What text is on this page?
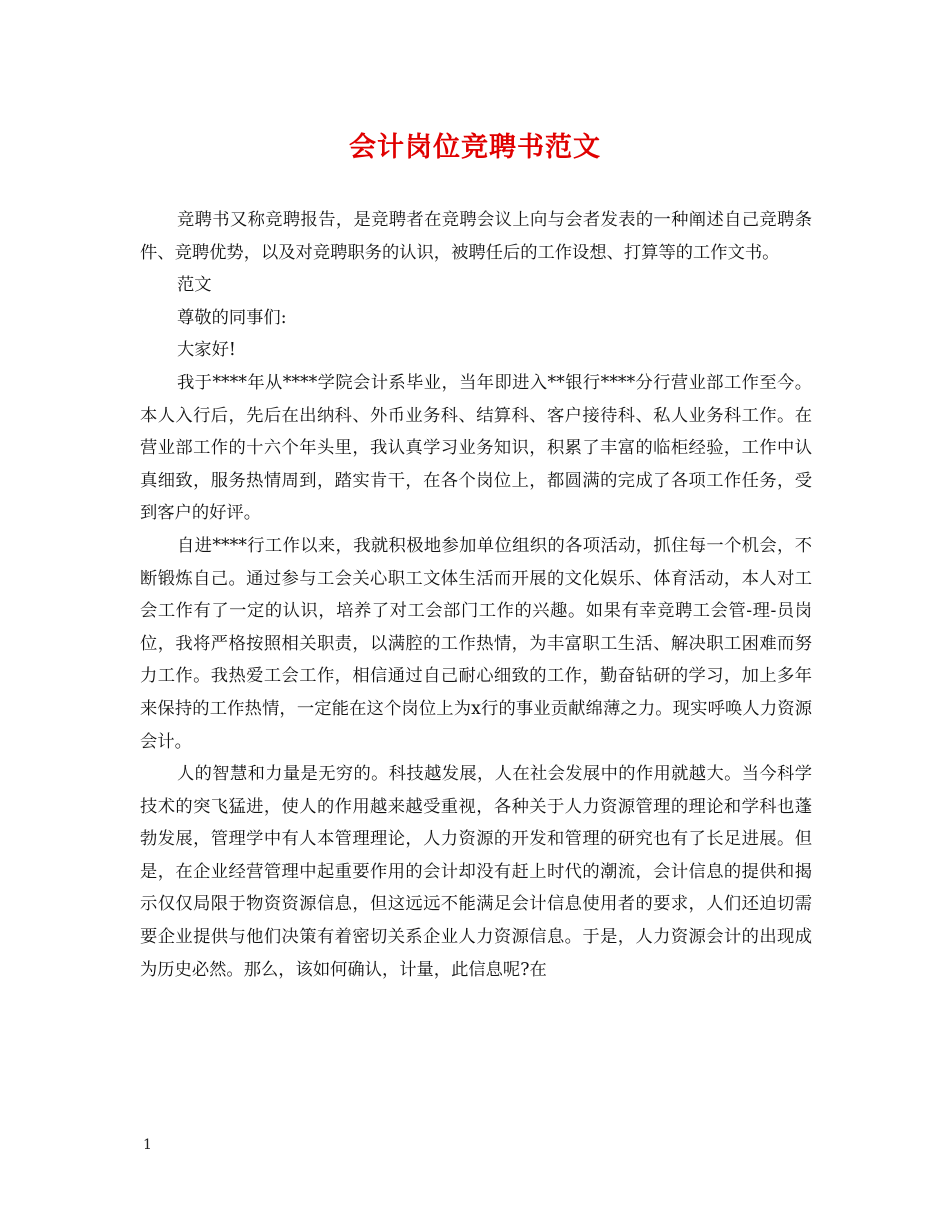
会计岗位竞聘书范文

竞聘书又称竞聘报告，是竞聘者在竞聘会议上向与会者发表的一种阐述自己竞聘条件、竞聘优势，以及对竞聘职务的认识，被聘任后的工作设想、打算等的工作文书。

范文

尊敬的同事们:

大家好!

我于****年从****学院会计系毕业，当年即进入**银行****分行营业部工作至今。本人入行后，先后在出纳科、外币业务科、结算科、客户接待科、私人业务科工作。在营业部工作的十六个年头里，我认真学习业务知识，积累了丰富的临柜经验，工作中认真细致，服务热情周到，踏实肯干，在各个岗位上，都圆满的完成了各项工作任务，受到客户的好评。

自进****行工作以来，我就积极地参加单位组织的各项活动，抓住每一个机会，不断锻炼自己。通过参与工会关心职工文体生活而开展的文化娱乐、体育活动，本人对工会工作有了一定的认识，培养了对工会部门工作的兴趣。如果有幸竞聘工会管-理-员岗位，我将严格按照相关职责，以满腔的工作热情，为丰富职工生活、解决职工困难而努力工作。我热爱工会工作，相信通过自己耐心细致的工作，勤奋钻研的学习，加上多年来保持的工作热情，一定能在这个岗位上为x行的事业贡献绵薄之力。现实呼唤人力资源会计。

人的智慧和力量是无穷的。科技越发展，人在社会发展中的作用就越大。当今科学技术的突飞猛进，使人的作用越来越受重视，各种关于人力资源管理的理论和学科也蓬勃发展，管理学中有人本管理理论，人力资源的开发和管理的研究也有了长足进展。但是，在企业经营管理中起重要作用的会计却没有赶上时代的潮流，会计信息的提供和揭示仅仅局限于物资资源信息，但这远远不能满足会计信息使用者的要求，人们还迫切需要企业提供与他们决策有着密切关系企业人力资源信息。于是，人力资源会计的出现成为历史必然。那么，该如何确认，计量，此信息呢?在

1
